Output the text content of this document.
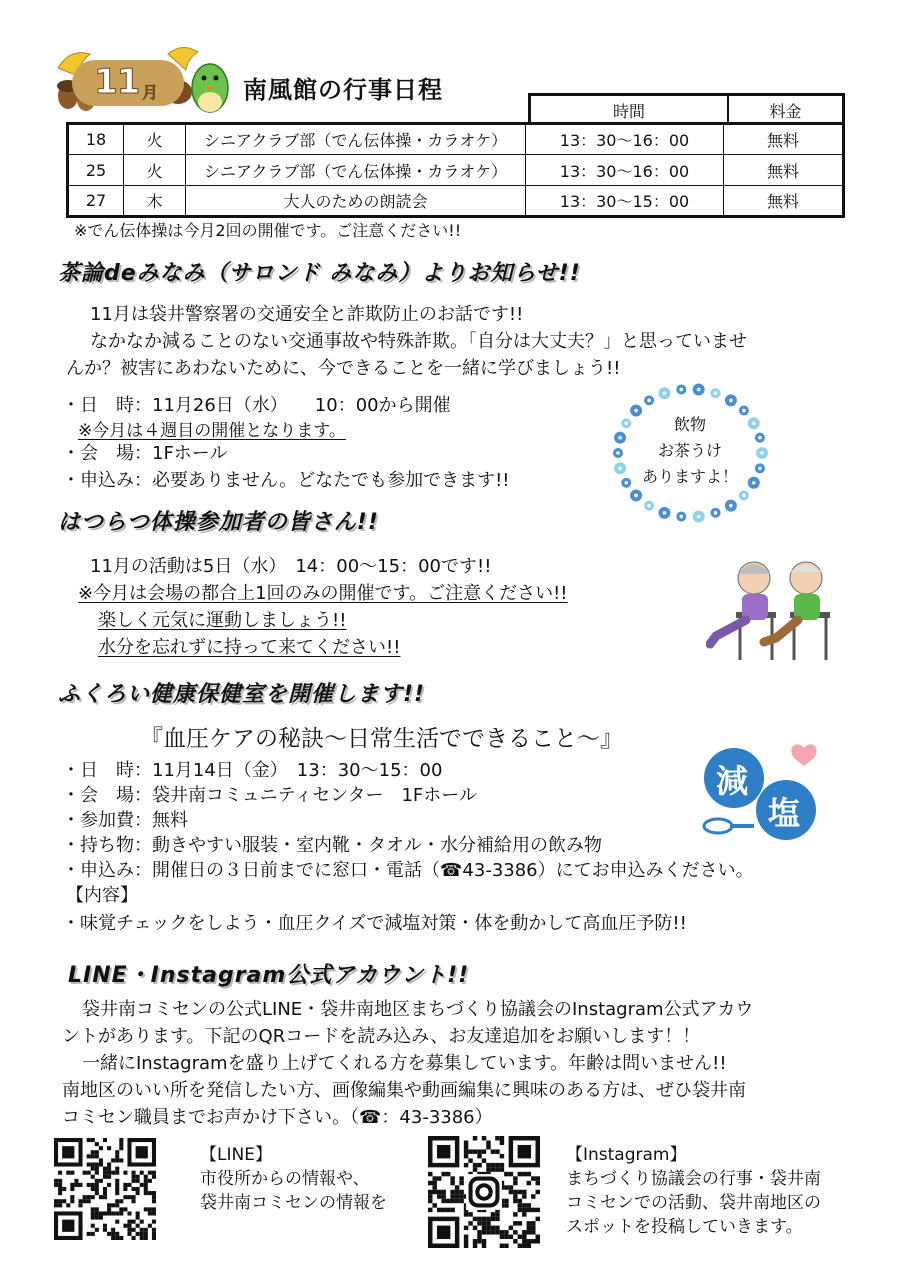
11 月	南風館の行事日程
時間	料金
18	火	シニアクラブ部（でん伝体操・カラオケ）	13：30〜16：00	無料
25	火	シニアクラブ部（でん伝体操・カラオケ）	13：30〜16：00	無料
27	木	大人のための朗読会	13：30〜15：00	無料
※でん伝体操は今月2回の開催です。ご注意ください!!
茶論deみなみ（サロンド みなみ）よりお知らせ!!
11月は袋井警察署の交通安全と詐欺防止のお話です!!
なかなか減ることのない交通事故や特殊詐欺。「自分は大丈夫？」と思っていませ
んか？被害にあわないために、今できることを一緒に学びましょう!!
・日　時：11月26日（水）　　10：00から開催
※今月は４週目の開催となります。
・会　場：1Fホール
・申込み：必要ありません。どなたでも参加できます!!
飲物
お茶うけ
ありますよ！
はつらつ体操参加者の皆さん!!
11月の活動は5日（水）　14：00〜15：00です!!
※今月は会場の都合上1回のみの開催です。ご注意ください!!
楽しく元気に運動しましょう!!
水分を忘れずに持って来てください!!
ふくろい健康保健室を開催します!!
『血圧ケアの秘訣〜日常生活でできること〜』
・日　時：11月14日（金）　13：30〜15：00
・会　場：袋井南コミュニティセンター　1Fホール
・参加費：無料
・持ち物：動きやすい服装・室内靴・タオル・水分補給用の飲み物
・申込み：開催日の３日前までに窓口・電話（☎43-3386）にてお申込みください。
【内容】
・味覚チェックをしよう・血圧クイズで減塩対策・体を動かして高血圧予防!!
減
塩
LINE・Instagram公式アカウント!!
袋井南コミセンの公式LINE・袋井南地区まちづくり協議会のInstagram公式アカウ
ントがあります。下記のQRコードを読み込み、お友達追加をお願いします！！
一緒にInstagramを盛り上げてくれる方を募集しています。年齢は問いません!!
南地区のいい所を発信したい方、画像編集や動画編集に興味のある方は、ぜひ袋井南
コミセン職員までお声かけ下さい。（☎：43-3386）
【LINE】
市役所からの情報や、
袋井南コミセンの情報を
【Instagram】
まちづくり協議会の行事・袋井南
コミセンでの活動、袋井南地区の
スポットを投稿していきます。
